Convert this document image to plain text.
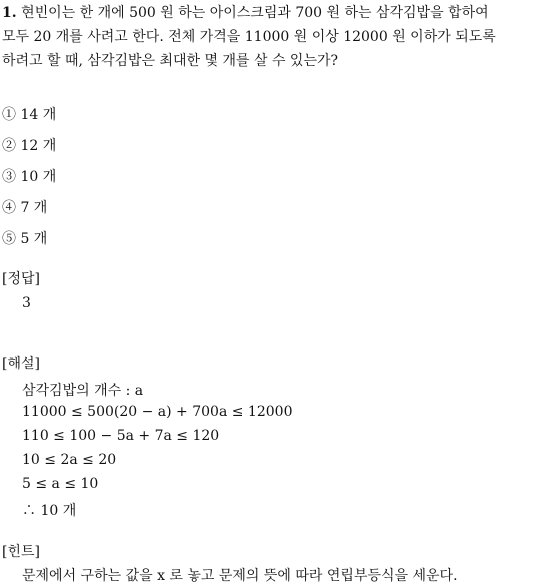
1. 현빈이는 한 개에 500 원 하는 아이스크림과 700 원 하는 삼각김밥을 합하여
모두 20 개를 사려고 한다. 전체 가격을 11000 원 이상 12000 원 이하가 되도록
하려고 할 때, 삼각김밥은 최대한 몇 개를 살 수 있는가?
① 14 개
② 12 개
③ 10 개
④ 7 개
⑤ 5 개
[정답]
3
[해설]
삼각김밥의 개수 : a
11000 ≤ 500(20 − a) + 700a ≤ 12000
110 ≤ 100 − 5a + 7a ≤ 120
10 ≤ 2a ≤ 20
5 ≤ a ≤ 10
∴ 10 개
[힌트]
문제에서 구하는 값을 x 로 놓고 문제의 뜻에 따라 연립부등식을 세운다.
